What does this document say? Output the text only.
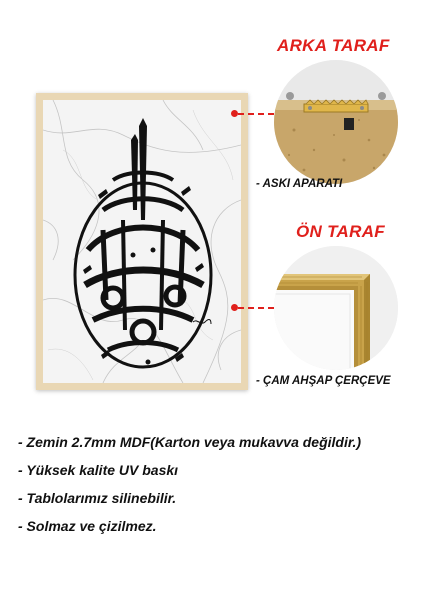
ARKA TARAF
- ASKI APARATI
ÖN TARAF
- ÇAM AHŞAP ÇERÇEVE
- Zemin 2.7mm MDF(Karton veya mukavva değildir.)
- Yüksek kalite UV baskı
- Tablolarımız silinebilir.
- Solmaz ve çizilmez.
